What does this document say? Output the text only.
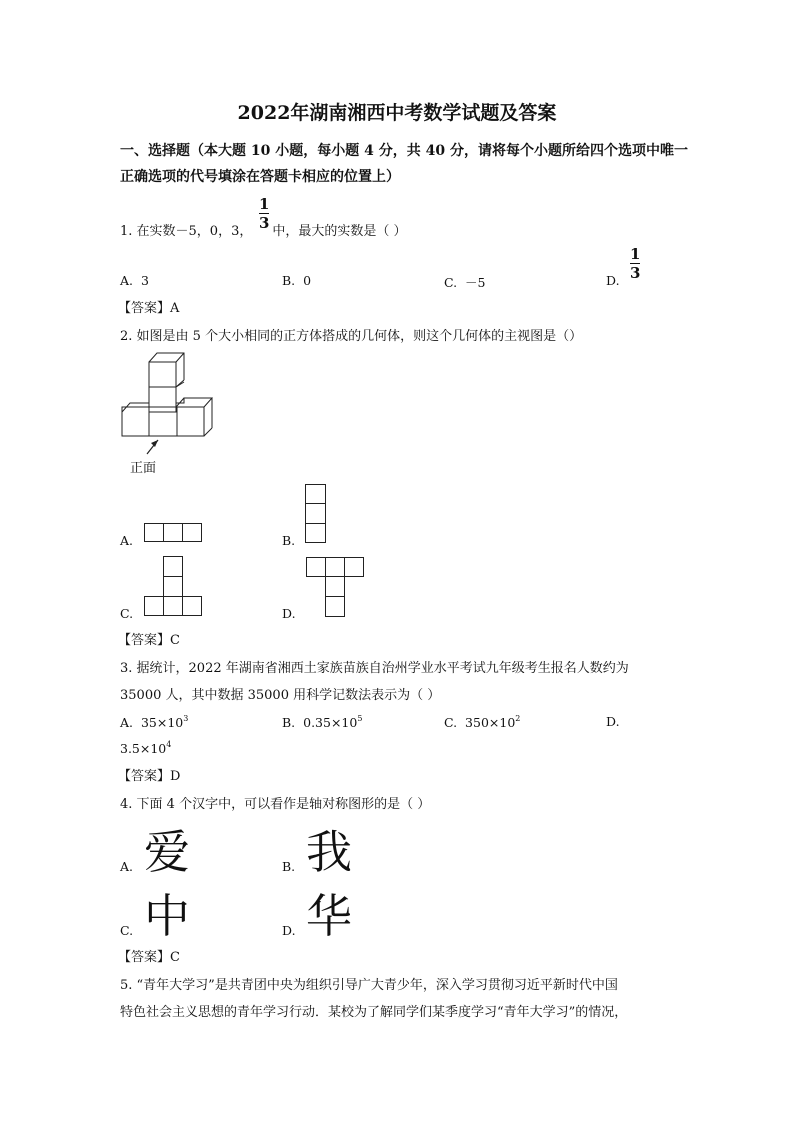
2022年湖南湘西中考数学试题及答案
一、选择题（本大题 10 小题，每小题 4 分，共 40 分，请将每个小题所给四个选项中唯一
正确选项的代号填涂在答题卡相应的位置上）
1. 在实数－5，0，3， 中，最大的实数是（ ）
1
3
A. 3	B. 0	C. －5	D.
1
3
【答案】A
2. 如图是由 5 个大小相同的正方体搭成的几何体，则这个几何体的主视图是（）
正面
A.	B.
C.	D.
【答案】C
3. 据统计，2022 年湖南省湘西土家族苗族自治州学业水平考试九年级考生报名人数约为
35000 人，其中数据 35000 用科学记数法表示为（ ）
A. $35\times 10^3$	B. $0.35\times 10^5$	C. $350\times 10^2$	D.
$3.5\times 10^4$
【答案】D
4. 下面 4 个汉字中，可以看作是轴对称图形的是（ ）
A. 爱	B. 我
C. 中	D. 华
【答案】C
5. “青年大学习”是共青团中央为组织引导广大青少年，深入学习贯彻习近平新时代中国
特色社会主义思想的青年学习行动．某校为了解同学们某季度学习“青年大学习”的情况，
